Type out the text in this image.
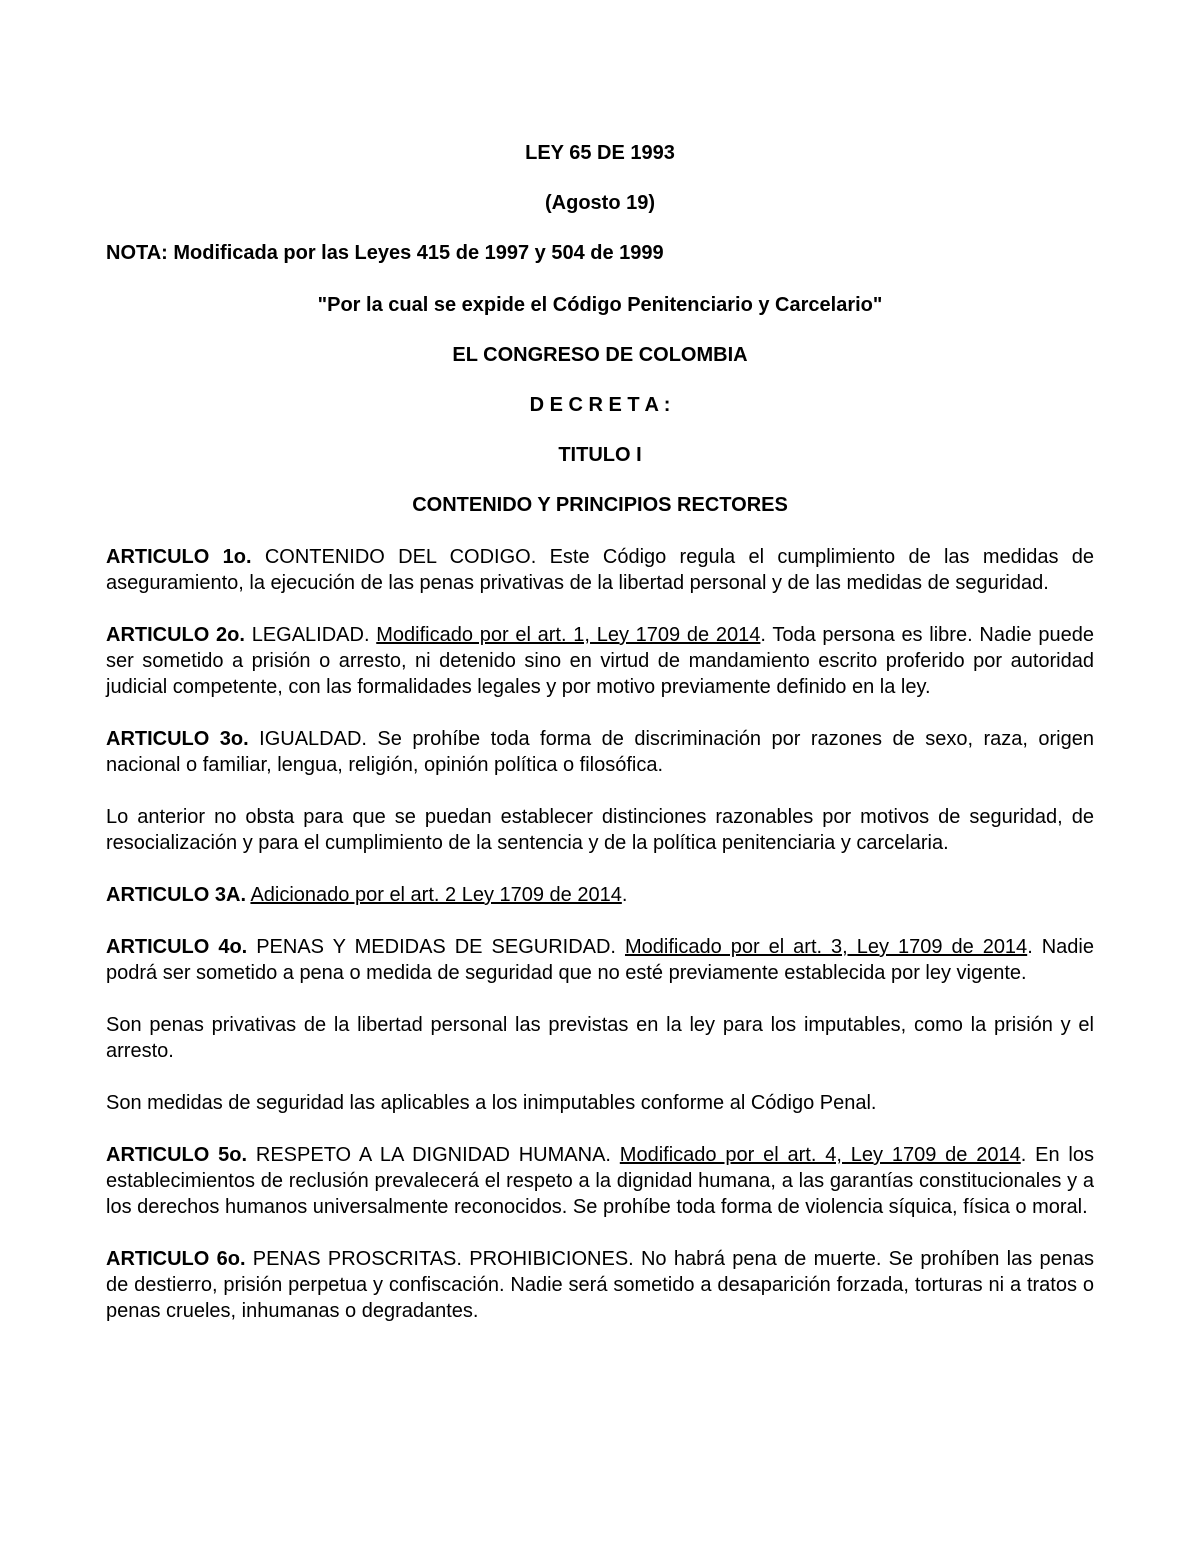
LEY 65 DE 1993

(Agosto 19)

NOTA: Modificada por las Leyes 415 de 1997 y 504 de 1999

"Por la cual se expide el Código Penitenciario y Carcelario"

EL CONGRESO DE COLOMBIA

D E C R E T A :

TITULO I

CONTENIDO Y PRINCIPIOS RECTORES

ARTICULO 1o. CONTENIDO DEL CODIGO. Este Código regula el cumplimiento de las medidas de aseguramiento, la ejecución de las penas privativas de la libertad personal y de las medidas de seguridad.

ARTICULO 2o. LEGALIDAD. Modificado por el art. 1, Ley 1709 de 2014. Toda persona es libre. Nadie puede ser sometido a prisión o arresto, ni detenido sino en virtud de mandamiento escrito proferido por autoridad judicial competente, con las formalidades legales y por motivo previamente definido en la ley.

ARTICULO 3o. IGUALDAD. Se prohíbe toda forma de discriminación por razones de sexo, raza, origen nacional o familiar, lengua, religión, opinión política o filosófica.

Lo anterior no obsta para que se puedan establecer distinciones razonables por motivos de seguridad, de resocialización y para el cumplimiento de la sentencia y de la política penitenciaria y carcelaria.

ARTICULO 3A. Adicionado por el art. 2 Ley 1709 de 2014.

ARTICULO 4o. PENAS Y MEDIDAS DE SEGURIDAD. Modificado por el art. 3, Ley 1709 de 2014. Nadie podrá ser sometido a pena o medida de seguridad que no esté previamente establecida por ley vigente.

Son penas privativas de la libertad personal las previstas en la ley para los imputables, como la prisión y el arresto.

Son medidas de seguridad las aplicables a los inimputables conforme al Código Penal.

ARTICULO 5o. RESPETO A LA DIGNIDAD HUMANA. Modificado por el art. 4, Ley 1709 de 2014. En los establecimientos de reclusión prevalecerá el respeto a la dignidad humana, a las garantías constitucionales y a los derechos humanos universalmente reconocidos. Se prohíbe toda forma de violencia síquica, física o moral.

ARTICULO 6o. PENAS PROSCRITAS. PROHIBICIONES. No habrá pena de muerte. Se prohíben las penas de destierro, prisión perpetua y confiscación. Nadie será sometido a desaparición forzada, torturas ni a tratos o penas crueles, inhumanas o degradantes.
